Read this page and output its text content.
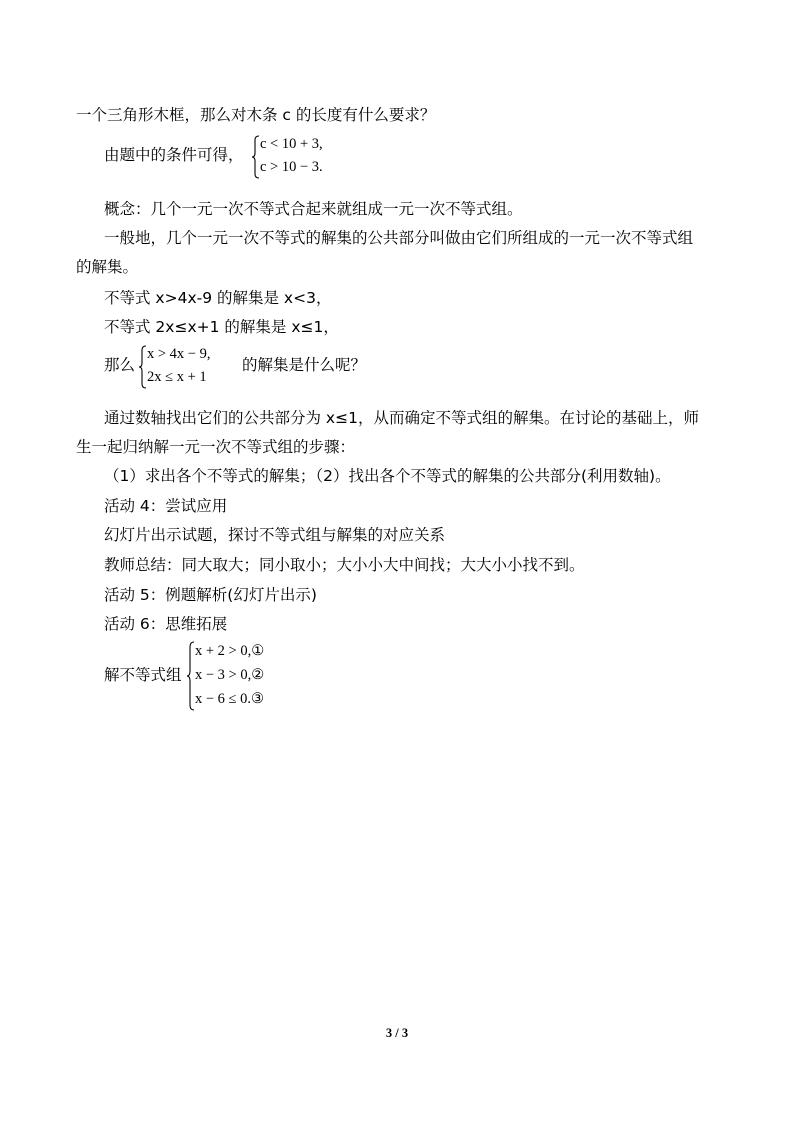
一个三角形木框，那么对木条 c 的长度有什么要求？
由题中的条件可得，
c < 10 + 3,
c > 10 − 3.
概念：几个一元一次不等式合起来就组成一元一次不等式组。
一般地，几个一元一次不等式的解集的公共部分叫做由它们所组成的一元一次不等式组
的解集。
不等式 x>4x-9 的解集是 x<3，
不等式 2x≤x+1 的解集是 x≤1，
那么
x > 4x − 9,
2x ≤ x + 1
的解集是什么呢？
通过数轴找出它们的公共部分为 x≤1，从而确定不等式组的解集。在讨论的基础上，师
生一起归纳解一元一次不等式组的步骤：
（1）求出各个不等式的解集；（2）找出各个不等式的解集的公共部分(利用数轴)。
活动 4：尝试应用
幻灯片出示试题，探讨不等式组与解集的对应关系
教师总结：同大取大；同小取小；大小小大中间找；大大小小找不到。
活动 5：例题解析(幻灯片出示)
活动 6：思维拓展
解不等式组
x + 2 > 0,①
x − 3 > 0,②
x − 6 ≤ 0.③
3 / 3
